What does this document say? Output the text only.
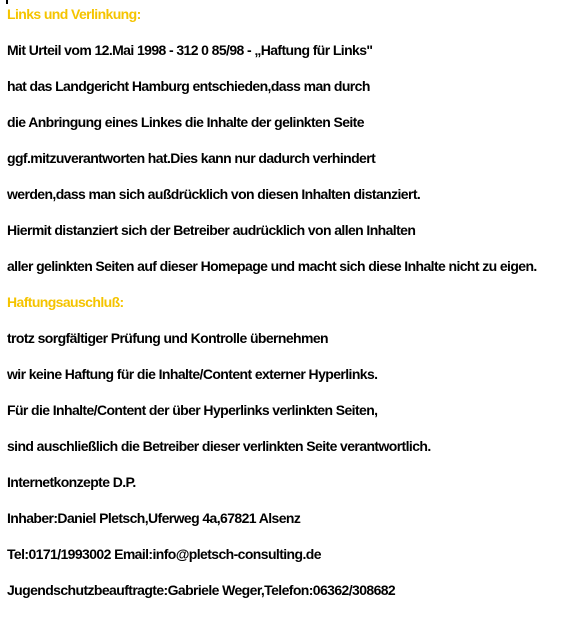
Links und Verlinkung:
Mit Urteil vom 12.Mai 1998 - 312 0 85/98 - „Haftung für Links"
hat das Landgericht Hamburg entschieden,dass man durch
die Anbringung eines Linkes die Inhalte der gelinkten Seite
ggf.mitzuverantworten hat.Dies kann nur dadurch verhindert
werden,dass man sich außdrücklich von diesen Inhalten distanziert.
Hiermit distanziert sich der Betreiber audrücklich von allen Inhalten
aller gelinkten Seiten auf dieser Homepage und macht sich diese Inhalte nicht zu eigen.
Haftungsauschluß:
trotz sorgfältiger Prüfung und Kontrolle übernehmen
wir keine Haftung für die Inhalte/Content externer Hyperlinks.
Für die Inhalte/Content der über Hyperlinks verlinkten Seiten,
sind auschließlich die Betreiber dieser verlinkten Seite verantwortlich.
Internetkonzepte D.P.
Inhaber:Daniel Pletsch,Uferweg 4a,67821 Alsenz
Tel:0171/1993002 Email:info@pletsch-consulting.de
Jugendschutzbeauftragte:Gabriele Weger,Telefon:06362/308682
